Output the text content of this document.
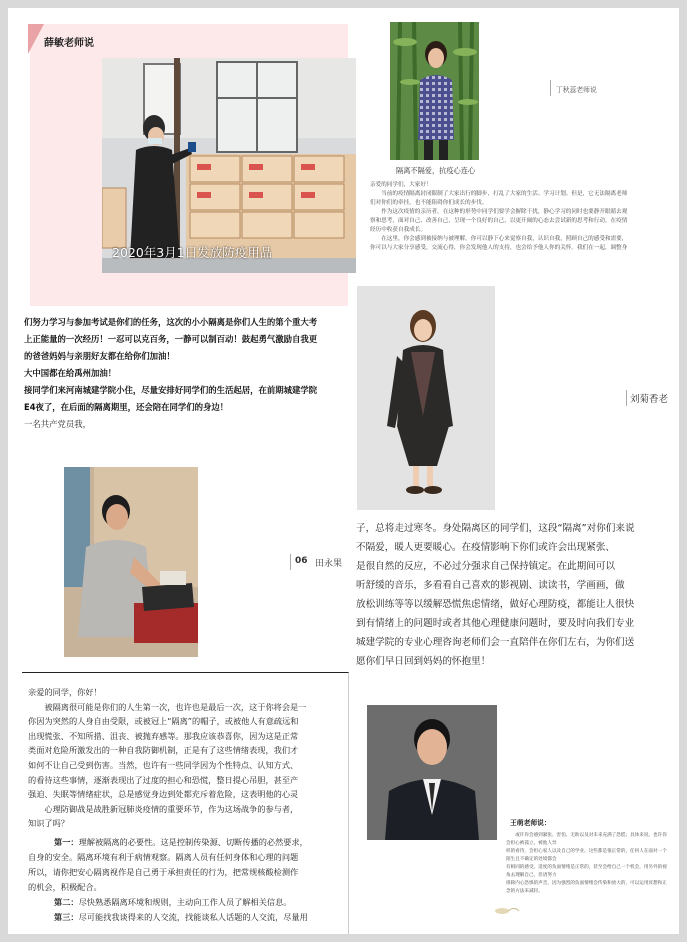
薛敏老师说
2020年3月1日发放防疫用品
们努力学习与参加考试是你们的任务，这次的小小隔离是你们人生的第个重大考
上正能量的一次经历！一忍可以克百务，一静可以制百动！鼓起勇气激励自我更
的爸爸妈妈与亲朋好友都在给你们加油！
大中国都在给禹州加油！
接同学们来河南城建学院小住，尽量安排好同学们的生活起居，在前期城建学院
E4夜了，在后面的隔离期里，还会陪在同学们的身边！
一名共产党员我，
丁秋蕊老师说
隔离不隔爱，抗疫心连心
亲爱的同学们，大家好！
　　当前的疫情隔离封闭限制了大家出行的脚步，打乱了大家的生活、学习计划。但是，它无法隔离老师
们对你们的牵挂，也不能阻碍你们成长的步伐。
　　作为这次疫情的亲历者，在这种的形势中同学们要学会摒除干扰，静心学习的同时也要静开眼睛去观
察和思考，面对自己、改善自己，呈现一个良好的自己，以更开阔的心态去尝试新的思考和行动，在疫情
经历中收获自我成长。
　　在这里，你会感到被接纳与被理解，你可以静下心来觉察自我，认识自我，照顾自己的感受和需要，
你可以与大家分享感受，交流心得，你会发现他人的支持，也会给予他人你的关怀。我们在一起，调整身
刘菊香老
子，总将走过寒冬。身处隔离区的同学们，这段“隔离”对你们来说
不隔爱，暖人更要暖心。在疫情影响下你们或许会出现紧张、
是很自然的反应，不必过分强求自己保持镇定。在此期间可以
听舒缓的音乐，多看看自己喜欢的影视剧、读读书，学画画，做
放松训练等等以缓解恐慌焦虑情绪，做好心理防疫，都能让人很快
到有情绪上的问题时或者其他心理健康问题时，要及时向我们专业
城建学院的专业心理咨询老师们会一直陪伴在你们左右，为你们送
愿你们早日回到妈妈的怀抱里！
06 田永果
亲爱的同学，你好！
　　被隔离很可能是你们的人生第一次，也许也是最后一次，这于你将会是一
你因为突然的人身自由受限，或被冠上“隔离”的帽子，或被他人有意疏远和
出现慌张、不知所措、沮丧、被抛弃感等。那我应该恭喜你，因为这是正常
类面对危险所激发出的一种自我防御机制，正是有了这些情绪表现，我们才
如何不让自己受到伤害。当然，也许有一些同学因为个性特点、认知方式、
的看待这些事情，逐渐表现出了过度的担心和恐慌，整日提心吊胆，甚至产
强迫、失眠等情绪症状，总是感觉身边到处都充斥着危险，这表明他的心灵
　　心理防御战是战胜新冠肺炎疫情的重要环节，作为这场战争的参与者，
知识了吗？
第一：理解被隔离的必要性。这是控制传染源、切断传播的必然要求，
自身的安全。隔离环境有利于病情观察。隔离人员有任何身体和心理的问题
所以，请你把安心隔离视作是自己勇于承担责任的行为，把常规核酸检测作
的机会，积极配合。
第二：尽快熟悉隔离环境和规则，主动向工作人员了解相关信息。
第三：尽可能找我谈得来的人交流，找能谈私人话题的人交流，尽量用
王萌老师说：
　　或许你会感到紧张、害怕、无助以及对未来充满了恐慌；具体来说，也许你会担心被孤立，被他人异
样的看待，会担心家人以及自己的学业。这些都是很正常的，任何人在面对一个陌生且不确定的处境都会
有相同的感受。适度的负面情绪是正常的，甚至会给自己一个机会，用另外的视角去理解自己，但请努力
排除内心恐惧的声音，因为强烈的负面情绪会传染和放大的，可以运用冥想和正念的方法来减轻。
